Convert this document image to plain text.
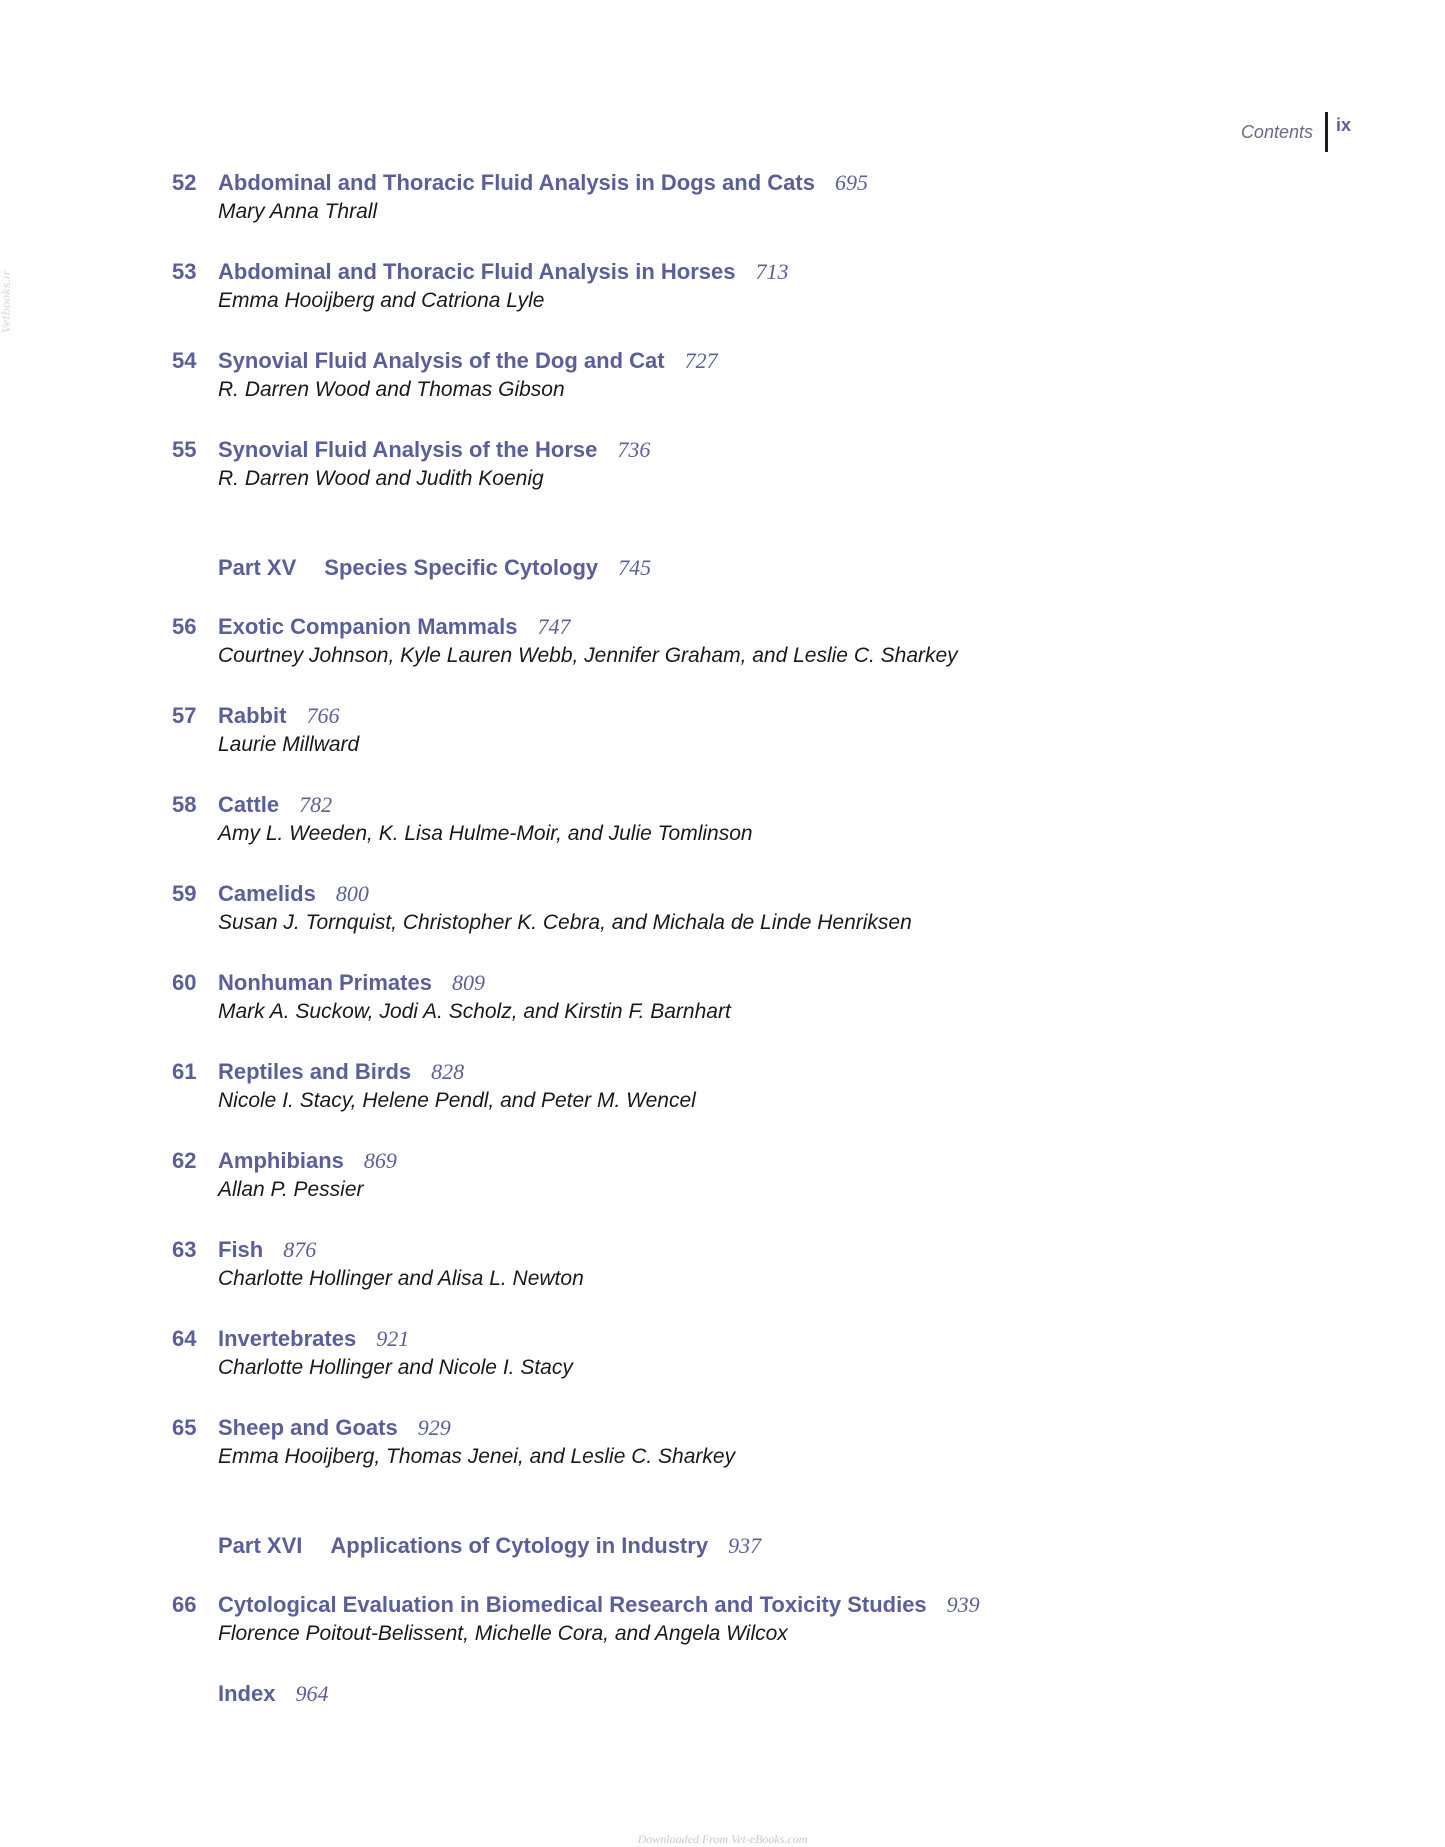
Contents ix
Vetbooks.ir
52 Abdominal and Thoracic Fluid Analysis in Dogs and Cats 695
Mary Anna Thrall
53 Abdominal and Thoracic Fluid Analysis in Horses 713
Emma Hooijberg and Catriona Lyle
54 Synovial Fluid Analysis of the Dog and Cat 727
R. Darren Wood and Thomas Gibson
55 Synovial Fluid Analysis of the Horse 736
R. Darren Wood and Judith Koenig
Part XV Species Specific Cytology 745
56 Exotic Companion Mammals 747
Courtney Johnson, Kyle Lauren Webb, Jennifer Graham, and Leslie C. Sharkey
57 Rabbit 766
Laurie Millward
58 Cattle 782
Amy L. Weeden, K. Lisa Hulme-Moir, and Julie Tomlinson
59 Camelids 800
Susan J. Tornquist, Christopher K. Cebra, and Michala de Linde Henriksen
60 Nonhuman Primates 809
Mark A. Suckow, Jodi A. Scholz, and Kirstin F. Barnhart
61 Reptiles and Birds 828
Nicole I. Stacy, Helene Pendl, and Peter M. Wencel
62 Amphibians 869
Allan P. Pessier
63 Fish 876
Charlotte Hollinger and Alisa L. Newton
64 Invertebrates 921
Charlotte Hollinger and Nicole I. Stacy
65 Sheep and Goats 929
Emma Hooijberg, Thomas Jenei, and Leslie C. Sharkey
Part XVI Applications of Cytology in Industry 937
66 Cytological Evaluation in Biomedical Research and Toxicity Studies 939
Florence Poitout-Belissent, Michelle Cora, and Angela Wilcox
Index 964
Downloaded From Vet-eBooks.com
